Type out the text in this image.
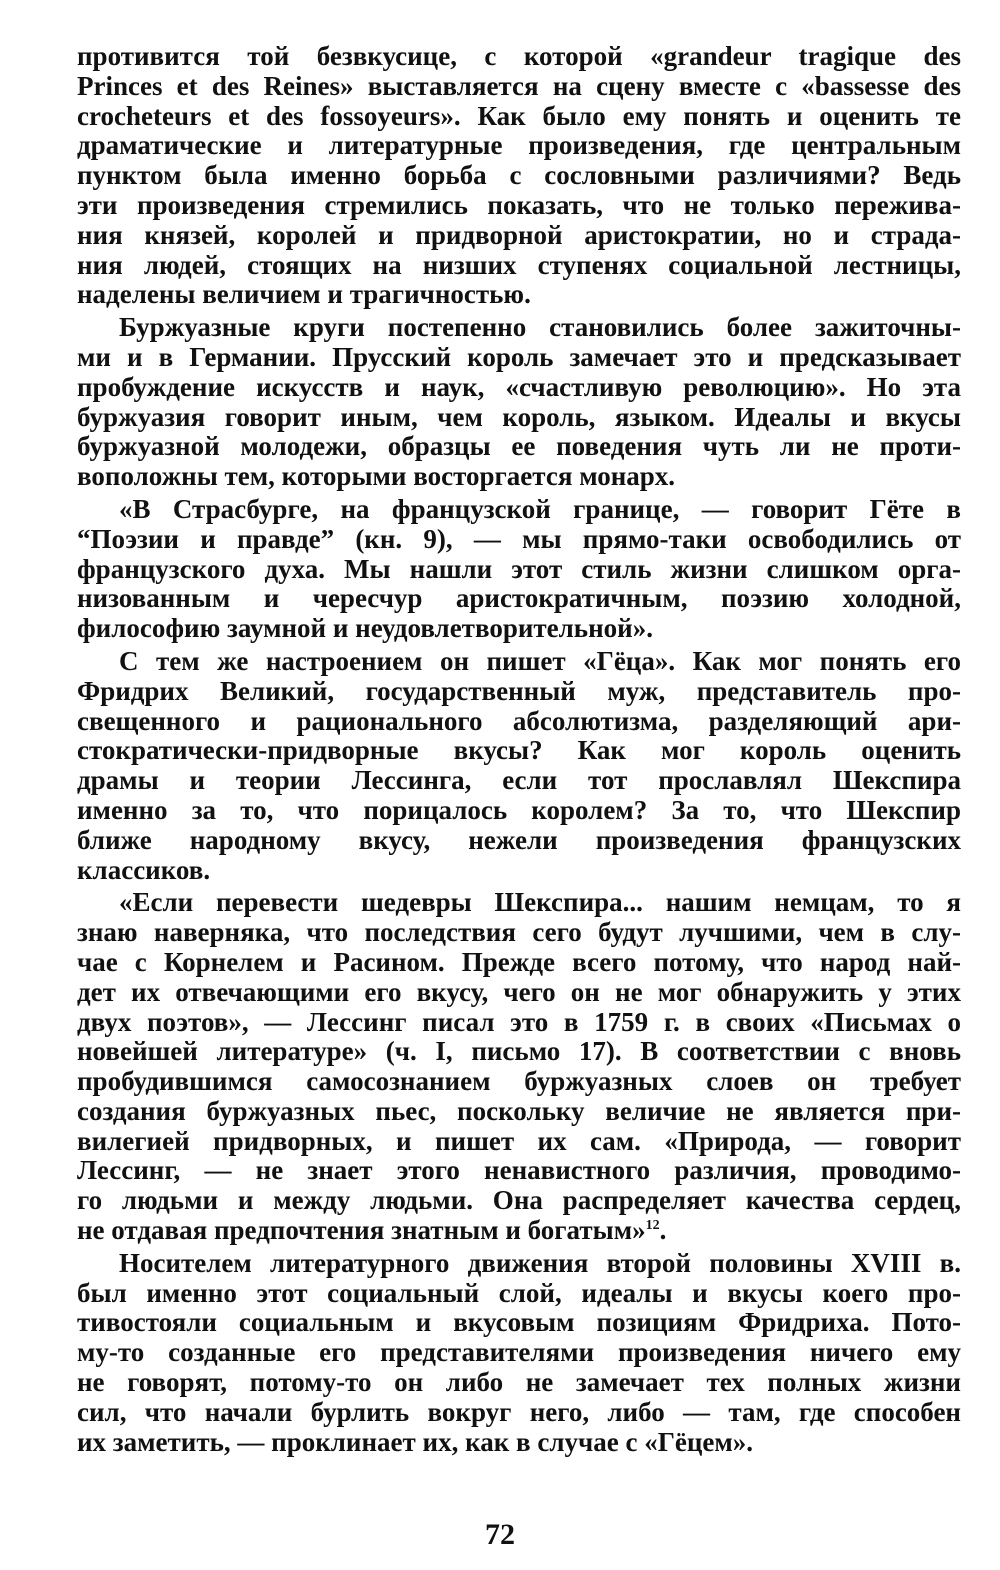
противится той безвкусице, с которой «grandeur tragique des
Princes et des Reines» выставляется на сцену вместе с «bassesse des
crocheteurs et des fossoyeurs». Как было ему понять и оценить те
драматические и литературные произведения, где центральным
пунктом была именно борьба с сословными различиями? Ведь
эти произведения стремились показать, что не только пережива-
ния князей, королей и придворной аристократии, но и страда-
ния людей, стоящих на низших ступенях социальной лестницы,
наделены величием и трагичностью.
Буржуазные круги постепенно становились более зажиточны-
ми и в Германии. Прусский король замечает это и предсказывает
пробуждение искусств и наук, «счастливую революцию». Но эта
буржуазия говорит иным, чем король, языком. Идеалы и вкусы
буржуазной молодежи, образцы ее поведения чуть ли не проти-
воположны тем, которыми восторгается монарх.
«В Страсбурге, на французской границе, — говорит Гёте в
“Поэзии и правде” (кн. 9), — мы прямо-таки освободились от
французского духа. Мы нашли этот стиль жизни слишком орга-
низованным и чересчур аристократичным, поэзию холодной,
философию заумной и неудовлетворительной».
С тем же настроением он пишет «Гёца». Как мог понять его
Фридрих Великий, государственный муж, представитель про-
свещенного и рационального абсолютизма, разделяющий ари-
стократически-придворные вкусы? Как мог король оценить
драмы и теории Лессинга, если тот прославлял Шекспира
именно за то, что порицалось королем? За то, что Шекспир
ближе народному вкусу, нежели произведения французских
классиков.
«Если перевести шедевры Шекспира... нашим немцам, то я
знаю наверняка, что последствия сего будут лучшими, чем в слу-
чае с Корнелем и Расином. Прежде всего потому, что народ най-
дет их отвечающими его вкусу, чего он не мог обнаружить у этих
двух поэтов», — Лессинг писал это в 1759 г. в своих «Письмах о
новейшей литературе» (ч. I, письмо 17). В соответствии с вновь
пробудившимся самосознанием буржуазных слоев он требует
создания буржуазных пьес, поскольку величие не является при-
вилегией придворных, и пишет их сам. «Природа, — говорит
Лессинг, — не знает этого ненавистного различия, проводимо-
го людьми и между людьми. Она распределяет качества сердец,
не отдавая предпочтения знатным и богатым»$^{12}$.
Носителем литературного движения второй половины XVIII в.
был именно этот социальный слой, идеалы и вкусы коего про-
тивостояли социальным и вкусовым позициям Фридриха. Пото-
му-то созданные его представителями произведения ничего ему
не говорят, потому-то он либо не замечает тех полных жизни
сил, что начали бурлить вокруг него, либо — там, где способен
их заметить, — проклинает их, как в случае с «Гёцем».
72
